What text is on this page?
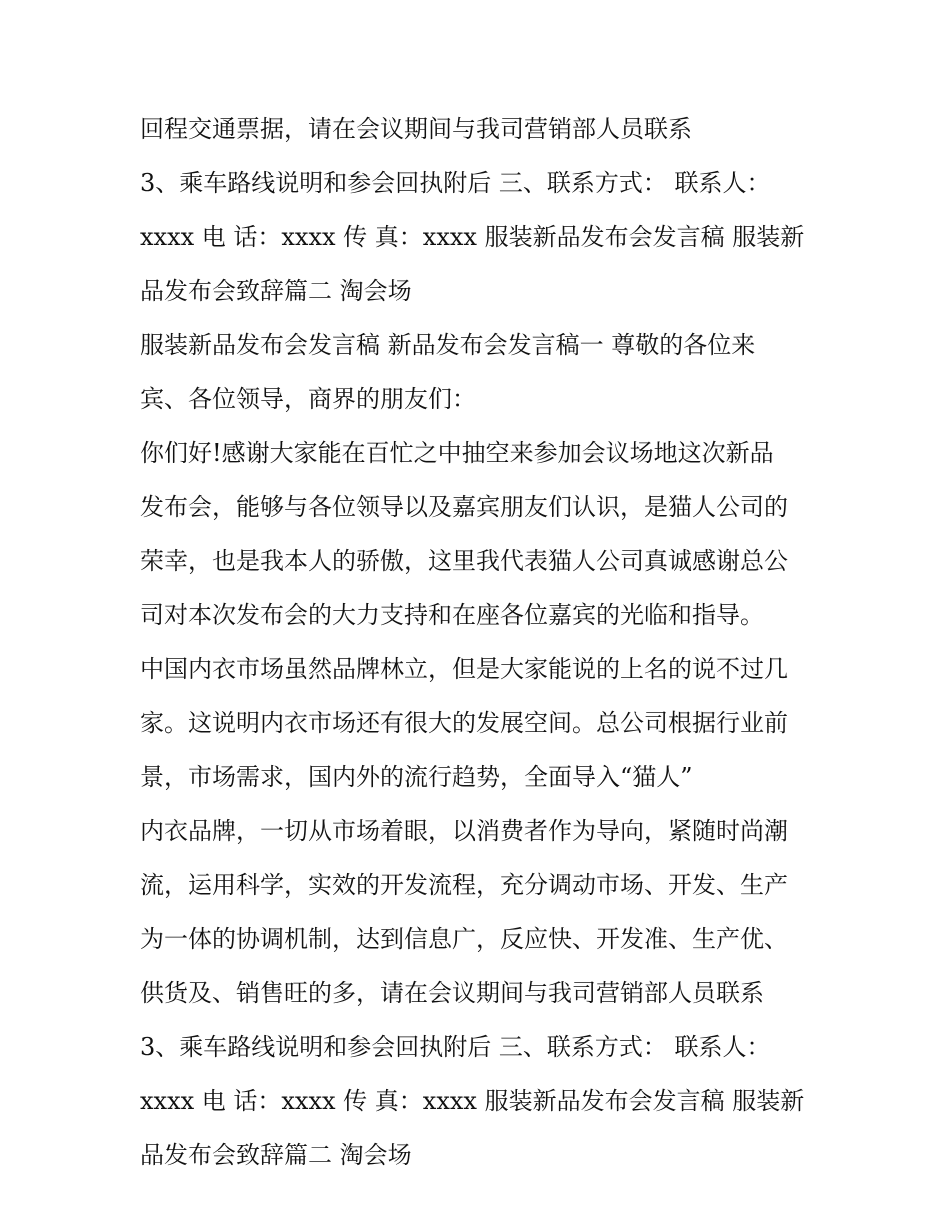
回程交通票据，请在会议期间与我司营销部人员联系
3、乘车路线说明和参会回执附后 三、联系方式： 联系人：
xxxx 电 话：xxxx 传 真：xxxx 服装新品发布会发言稿 服装新
品发布会致辞篇二 淘会场
服装新品发布会发言稿 新品发布会发言稿一 尊敬的各位来
宾、各位领导，商界的朋友们：
你们好!感谢大家能在百忙之中抽空来参加会议场地这次新品
发布会，能够与各位领导以及嘉宾朋友们认识，是猫人公司的
荣幸，也是我本人的骄傲，这里我代表猫人公司真诚感谢总公
司对本次发布会的大力支持和在座各位嘉宾的光临和指导。
中国内衣市场虽然品牌林立，但是大家能说的上名的说不过几
家。这说明内衣市场还有很大的发展空间。总公司根据行业前
景，市场需求，国内外的流行趋势，全面导入“猫人”
内衣品牌，一切从市场着眼，以消费者作为导向，紧随时尚潮
流，运用科学，实效的开发流程，充分调动市场、开发、生产
为一体的协调机制，达到信息广，反应快、开发准、生产优、
供货及、销售旺的多，请在会议期间与我司营销部人员联系
3、乘车路线说明和参会回执附后 三、联系方式： 联系人：
xxxx 电 话：xxxx 传 真：xxxx 服装新品发布会发言稿 服装新
品发布会致辞篇二 淘会场
